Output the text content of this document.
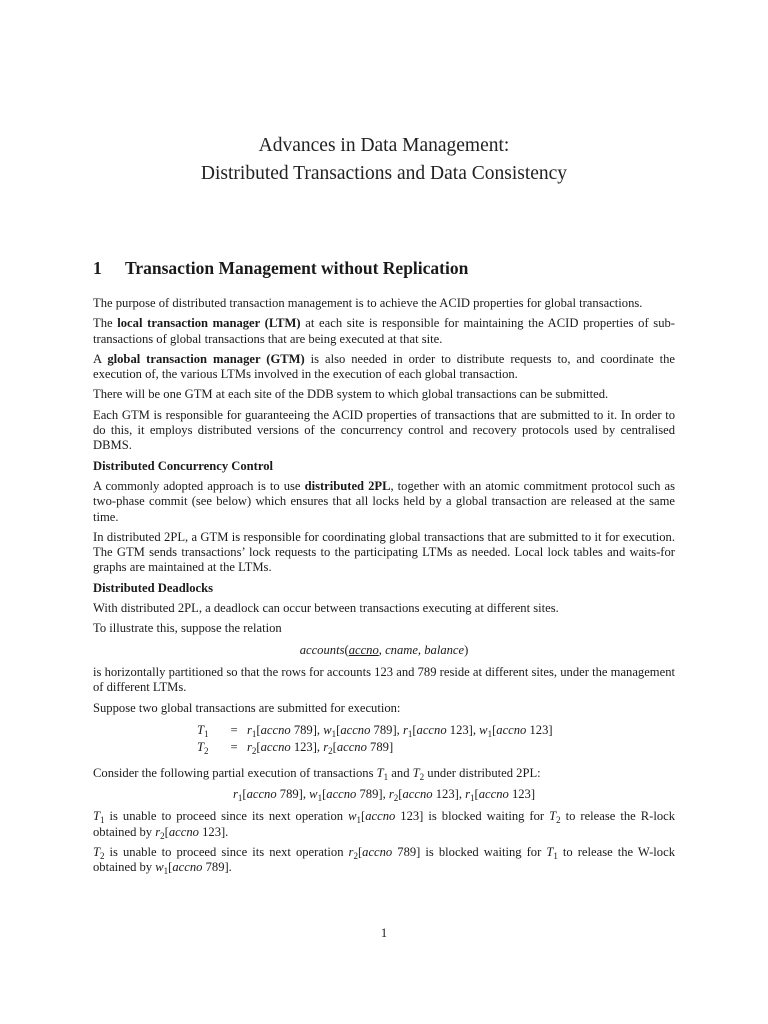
Advances in Data Management:
Distributed Transactions and Data Consistency
1 Transaction Management without Replication

The purpose of distributed transaction management is to achieve the ACID properties for global transactions.

The local transaction manager (LTM) at each site is responsible for maintaining the ACID properties of sub-transactions of global transactions that are being executed at that site.

A global transaction manager (GTM) is also needed in order to distribute requests to, and coordinate the execution of, the various LTMs involved in the execution of each global transaction.

There will be one GTM at each site of the DDB system to which global transactions can be submitted.

Each GTM is responsible for guaranteeing the ACID properties of transactions that are submitted to it. In order to do this, it employs distributed versions of the concurrency control and recovery protocols used by centralised DBMS.

Distributed Concurrency Control

A commonly adopted approach is to use distributed 2PL, together with an atomic commitment protocol such as two-phase commit (see below) which ensures that all locks held by a global transaction are released at the same time.

In distributed 2PL, a GTM is responsible for coordinating global transactions that are submitted to it for execution. The GTM sends transactions’ lock requests to the participating LTMs as needed. Local lock tables and waits-for graphs are maintained at the LTMs.

Distributed Deadlocks

With distributed 2PL, a deadlock can occur between transactions executing at different sites.

To illustrate this, suppose the relation

accounts(accno, cname, balance)

is horizontally partitioned so that the rows for accounts 123 and 789 reside at different sites, under the management of different LTMs.

Suppose two global transactions are submitted for execution:

$T_1$	=	$r_1[accno$ 789], $w_1[accno$ 789], $r_1[accno$ 123], $w_1[accno$ 123]
$T_2$	=	$r_2[accno$ 123], $r_2[accno$ 789]

Consider the following partial execution of transactions $T_1$ and $T_2$ under distributed 2PL:

$r_1[accno$ 789], $w_1[accno$ 789], $r_2[accno$ 123], $r_1[accno$ 123]

$T_1$ is unable to proceed since its next operation $w_1[accno$ 123] is blocked waiting for $T_2$ to release the R-lock obtained by $r_2[accno$ 123].

$T_2$ is unable to proceed since its next operation $r_2[accno$ 789] is blocked waiting for $T_1$ to release the W-lock obtained by $w_1[accno$ 789].

1
